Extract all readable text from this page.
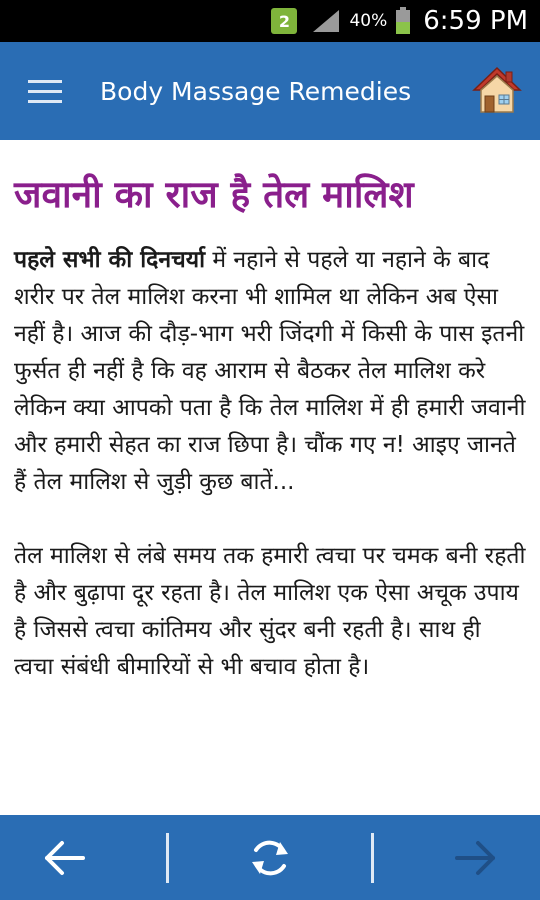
2	40% 6:59 PM
Body Massage Remedies
जवानी का राज है तेल मालिश

पहले सभी की दिनचर्या में नहाने से पहले या नहाने के बाद शरीर पर तेल मालिश करना भी शामिल था लेकिन अब ऐसा नहीं है। आज की दौड़-भाग भरी जिंदगी में किसी के पास इतनी फुर्सत ही नहीं है कि वह आराम से बैठकर तेल मालिश करे लेकिन क्या आपको पता है कि तेल मालिश में ही हमारी जवानी और हमारी सेहत का राज छिपा है। चौंक गए न! आइए जानते हैं तेल मालिश से जुड़ी कुछ बातें...

तेल मालिश से लंबे समय तक हमारी त्वचा पर चमक बनी रहती है और बुढ़ापा दूर रहता है। तेल मालिश एक ऐसा अचूक उपाय है जिससे त्वचा कांतिमय और सुंदर बनी रहती है। साथ ही त्वचा संबंधी बीमारियों से भी बचाव होता है।
